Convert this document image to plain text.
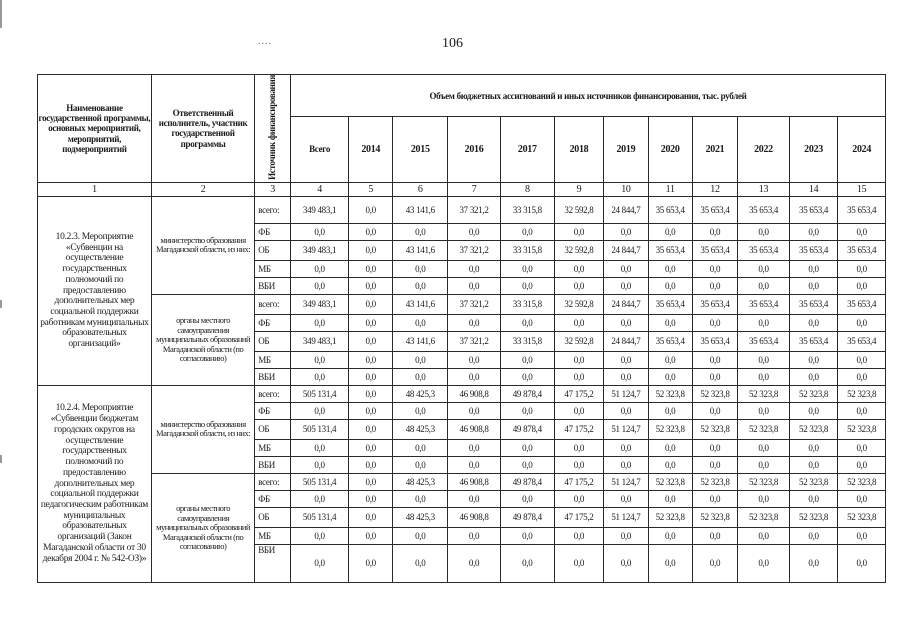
....	106
Наименование государственной программы, основных мероприятий, мероприятий, подмероприятий	Ответственный исполнитель, участник государственной программы	Источник финансирования	Объем бюджетных ассигнований и иных источников финансирования, тыс. рублей											
			Всего	2014	2015	2016	2017	2018	2019	2020	2021	2022	2023	2024
1	2	3	4	5	6	7	8	9	10	11	12	13	14	15
10.2.3. Мероприятие «Субвенции на осуществление государственных полномочий по предоставлению дополнительных мер социальной поддержки работникам муниципальных образовательных организаций»	министерство образования Магаданской области, из них:	всего:	349 483,1	0,0	43 141,6	37 321,2	33 315,8	32 592,8	24 844,7	35 653,4	35 653,4	35 653,4	35 653,4	35 653,4
		ФБ	0,0	0,0	0,0	0,0	0,0	0,0	0,0	0,0	0,0	0,0	0,0	0,0
		ОБ	349 483,1	0,0	43 141,6	37 321,2	33 315,8	32 592,8	24 844,7	35 653,4	35 653,4	35 653,4	35 653,4	35 653,4
		МБ	0,0	0,0	0,0	0,0	0,0	0,0	0,0	0,0	0,0	0,0	0,0	0,0
		ВБИ	0,0	0,0	0,0	0,0	0,0	0,0	0,0	0,0	0,0	0,0	0,0	0,0
	органы местного самоуправления муниципальных образований Магаданской области (по согласованию)	всего:	349 483,1	0,0	43 141,6	37 321,2	33 315,8	32 592,8	24 844,7	35 653,4	35 653,4	35 653,4	35 653,4	35 653,4
		ФБ	0,0	0,0	0,0	0,0	0,0	0,0	0,0	0,0	0,0	0,0	0,0	0,0
		ОБ	349 483,1	0,0	43 141,6	37 321,2	33 315,8	32 592,8	24 844,7	35 653,4	35 653,4	35 653,4	35 653,4	35 653,4
		МБ	0,0	0,0	0,0	0,0	0,0	0,0	0,0	0,0	0,0	0,0	0,0	0,0
		ВБИ	0,0	0,0	0,0	0,0	0,0	0,0	0,0	0,0	0,0	0,0	0,0	0,0
10.2.4. Мероприятие «Субвенции бюджетам городских округов на осуществление государственных полномочий по предоставлению дополнительных мер социальной поддержки педагогическим работникам муниципальных образовательных организаций (Закон Магаданской области от 30 декабря 2004 г. № 542-ОЗ)»	министерство образования Магаданской области, из них:	всего:	505 131,4	0,0	48 425,3	46 908,8	49 878,4	47 175,2	51 124,7	52 323,8	52 323,8	52 323,8	52 323,8	52 323,8
		ФБ	0,0	0,0	0,0	0,0	0,0	0,0	0,0	0,0	0,0	0,0	0,0	0,0
		ОБ	505 131,4	0,0	48 425,3	46 908,8	49 878,4	47 175,2	51 124,7	52 323,8	52 323,8	52 323,8	52 323,8	52 323,8
		МБ	0,0	0,0	0,0	0,0	0,0	0,0	0,0	0,0	0,0	0,0	0,0	0,0
		ВБИ	0,0	0,0	0,0	0,0	0,0	0,0	0,0	0,0	0,0	0,0	0,0	0,0
	органы местного самоуправления муниципальных образований Магаданской области (по согласованию)	всего:	505 131,4	0,0	48 425,3	46 908,8	49 878,4	47 175,2	51 124,7	52 323,8	52 323,8	52 323,8	52 323,8	52 323,8
		ФБ	0,0	0,0	0,0	0,0	0,0	0,0	0,0	0,0	0,0	0,0	0,0	0,0
		ОБ	505 131,4	0,0	48 425,3	46 908,8	49 878,4	47 175,2	51 124,7	52 323,8	52 323,8	52 323,8	52 323,8	52 323,8
		МБ	0,0	0,0	0,0	0,0	0,0	0,0	0,0	0,0	0,0	0,0	0,0	0,0
		ВБИ	0,0	0,0	0,0	0,0	0,0	0,0	0,0	0,0	0,0	0,0	0,0	0,0
